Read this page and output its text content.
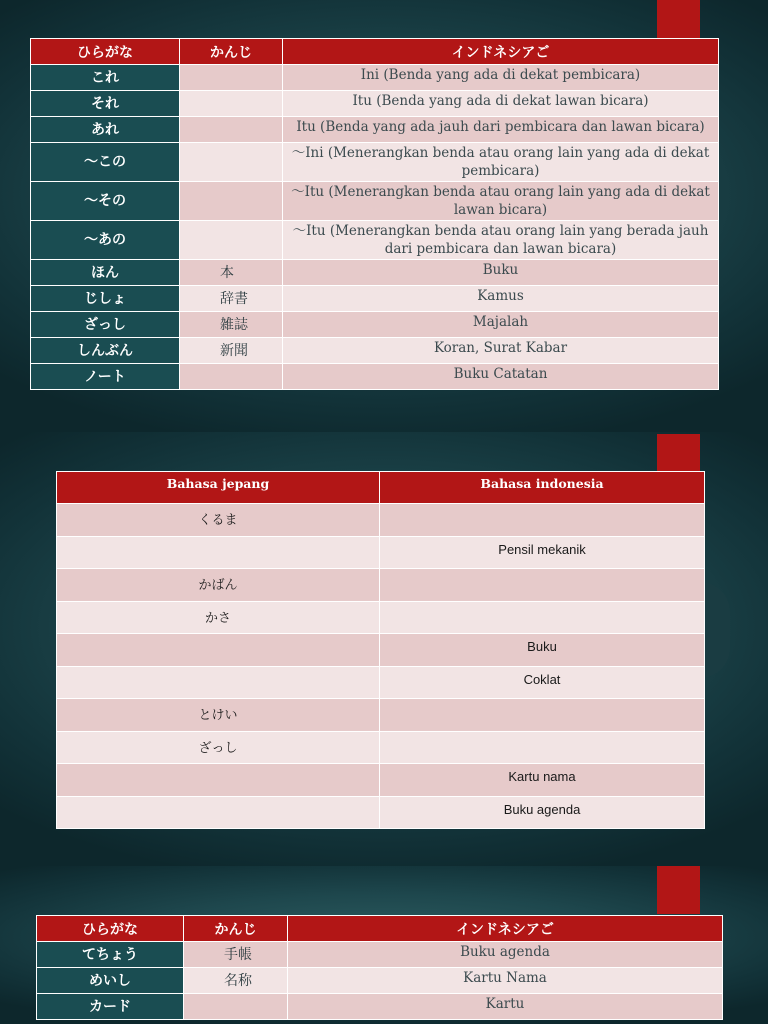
ひらがな	かんじ	インドネシアご
これ		Ini (Benda yang ada di dekat pembicara)
それ		Itu (Benda yang ada di dekat lawan bicara)
あれ		Itu (Benda yang ada jauh dari pembicara dan lawan bicara)
～この		～Ini (Menerangkan benda atau orang lain yang ada di dekat pembicara)
～その		～Itu (Menerangkan benda atau orang lain yang ada di dekat lawan bicara)
～あの		～Itu (Menerangkan benda atau orang lain yang berada jauh dari pembicara dan lawan bicara)
ほん	本	Buku
じしょ	辞書	Kamus
ざっし	雑誌	Majalah
しんぶん	新聞	Koran, Surat Kabar
ノート		Buku Catatan
Bahasa jepang	Bahasa indonesia
くるま	
	Pensil mekanik
かばん	
かさ	
	Buku
	Coklat
とけい	
ざっし	
	Kartu nama
	Buku agenda
ひらがな	かんじ	インドネシアご
てちょう	手帳	Buku agenda
めいし	名称	Kartu Nama
カード		Kartu
